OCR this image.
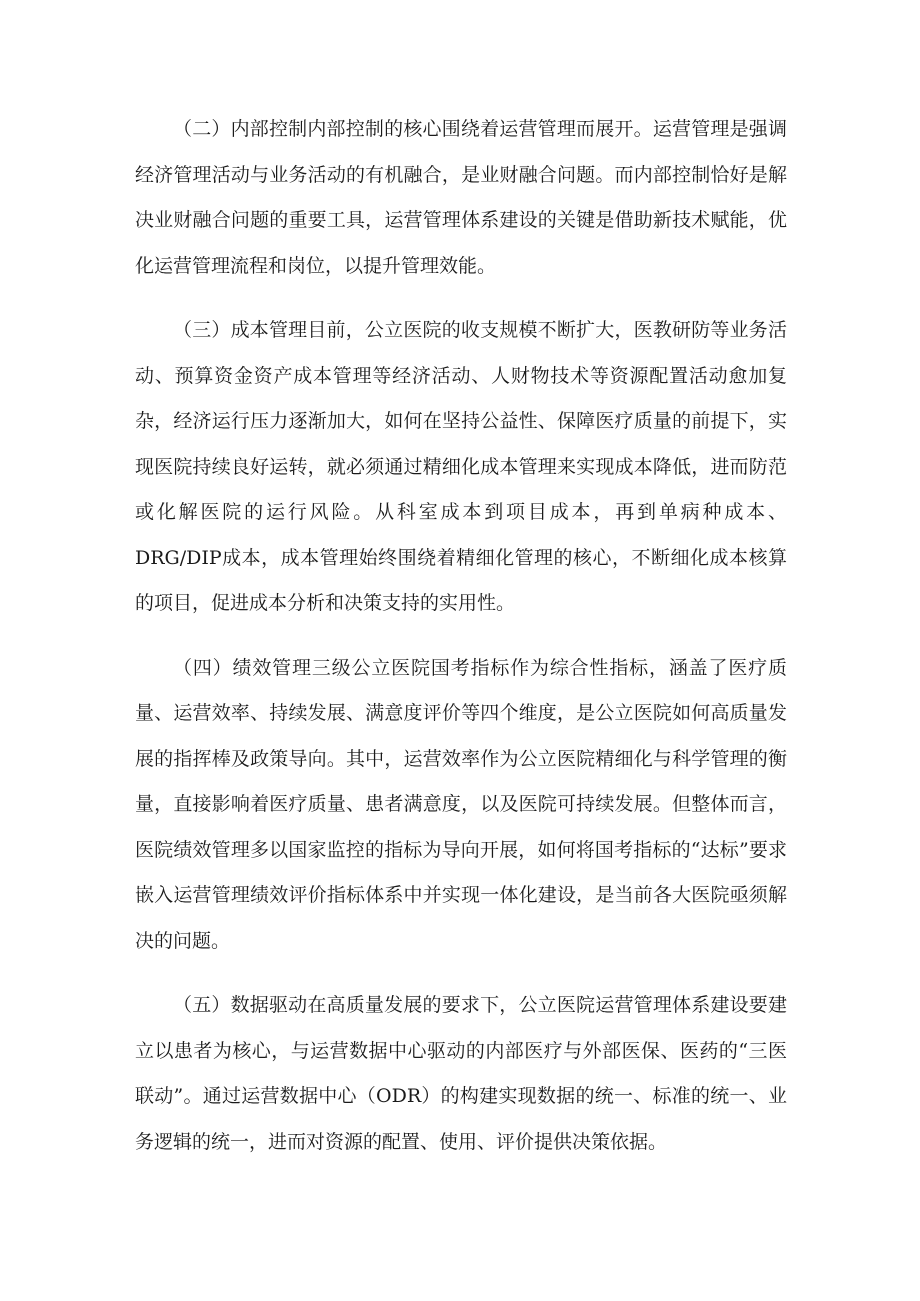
（二）内部控制内部控制的核心围绕着运营管理而展开。运营管理是强调经济管理活动与业务活动的有机融合，是业财融合问题。而内部控制恰好是解决业财融合问题的重要工具，运营管理体系建设的关键是借助新技术赋能，优化运营管理流程和岗位，以提升管理效能。

（三）成本管理目前，公立医院的收支规模不断扩大，医教研防等业务活动、预算资金资产成本管理等经济活动、人财物技术等资源配置活动愈加复杂，经济运行压力逐渐加大，如何在坚持公益性、保障医疗质量的前提下，实现医院持续良好运转，就必须通过精细化成本管理来实现成本降低，进而防范或化解医院的运行风险。从科室成本到项目成本，再到单病种成本、DRG/DIP成本，成本管理始终围绕着精细化管理的核心，不断细化成本核算的项目，促进成本分析和决策支持的实用性。

（四）绩效管理三级公立医院国考指标作为综合性指标，涵盖了医疗质量、运营效率、持续发展、满意度评价等四个维度，是公立医院如何高质量发展的指挥棒及政策导向。其中，运营效率作为公立医院精细化与科学管理的衡量，直接影响着医疗质量、患者满意度，以及医院可持续发展。但整体而言，医院绩效管理多以国家监控的指标为导向开展，如何将国考指标的“达标”要求嵌入运营管理绩效评价指标体系中并实现一体化建设，是当前各大医院亟须解决的问题。

（五）数据驱动在高质量发展的要求下，公立医院运营管理体系建设要建立以患者为核心，与运营数据中心驱动的内部医疗与外部医保、医药的“三医联动”。通过运营数据中心（ODR）的构建实现数据的统一、标准的统一、业务逻辑的统一，进而对资源的配置、使用、评价提供决策依据。
